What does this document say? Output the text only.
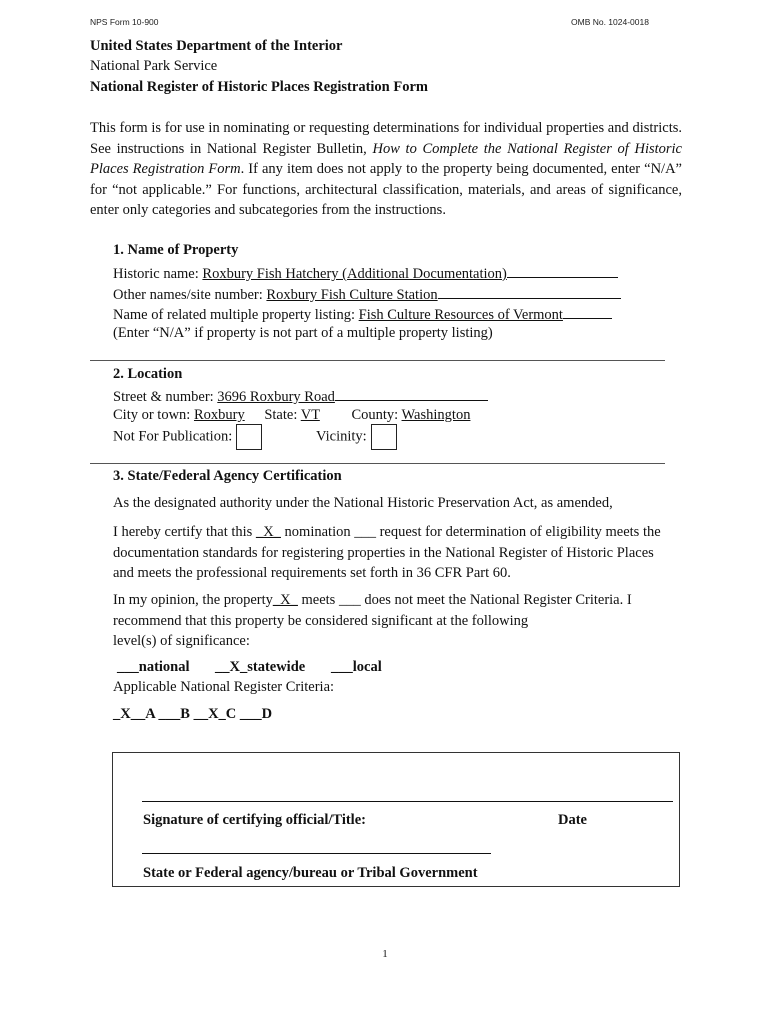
NPS Form 10-900	OMB No. 1024-0018
United States Department of the Interior
National Park Service
National Register of Historic Places Registration Form
This form is for use in nominating or requesting determinations for individual properties and districts. See instructions in National Register Bulletin, How to Complete the National Register of Historic Places Registration Form. If any item does not apply to the property being documented, enter “N/A” for “not applicable.” For functions, architectural classification, materials, and areas of significance, enter only categories and subcategories from the instructions.
1. Name of Property
Historic name: Roxbury Fish Hatchery (Additional Documentation)
Other names/site number: Roxbury Fish Culture Station
Name of related multiple property listing: Fish Culture Resources of Vermont
(Enter “N/A” if property is not part of a multiple property listing)
2. Location
Street & number: 3696 Roxbury Road
City or town: Roxbury State: VT County: Washington
Not For Publication:	Vicinity:
3. State/Federal Agency Certification
As the designated authority under the National Historic Preservation Act, as amended,
I hereby certify that this _X_ nomination ___ request for determination of eligibility meets the documentation standards for registering properties in the National Register of Historic Places and meets the professional requirements set forth in 36 CFR Part 60.
In my opinion, the property_X_ meets ___ does not meet the National Register Criteria. I recommend that this property be considered significant at the following
level(s) of significance:
___national __X_statewide ___local
Applicable National Register Criteria:
_X__A ___B __X_C ___D
Signature of certifying official/Title:	Date
State or Federal agency/bureau or Tribal Government
1
